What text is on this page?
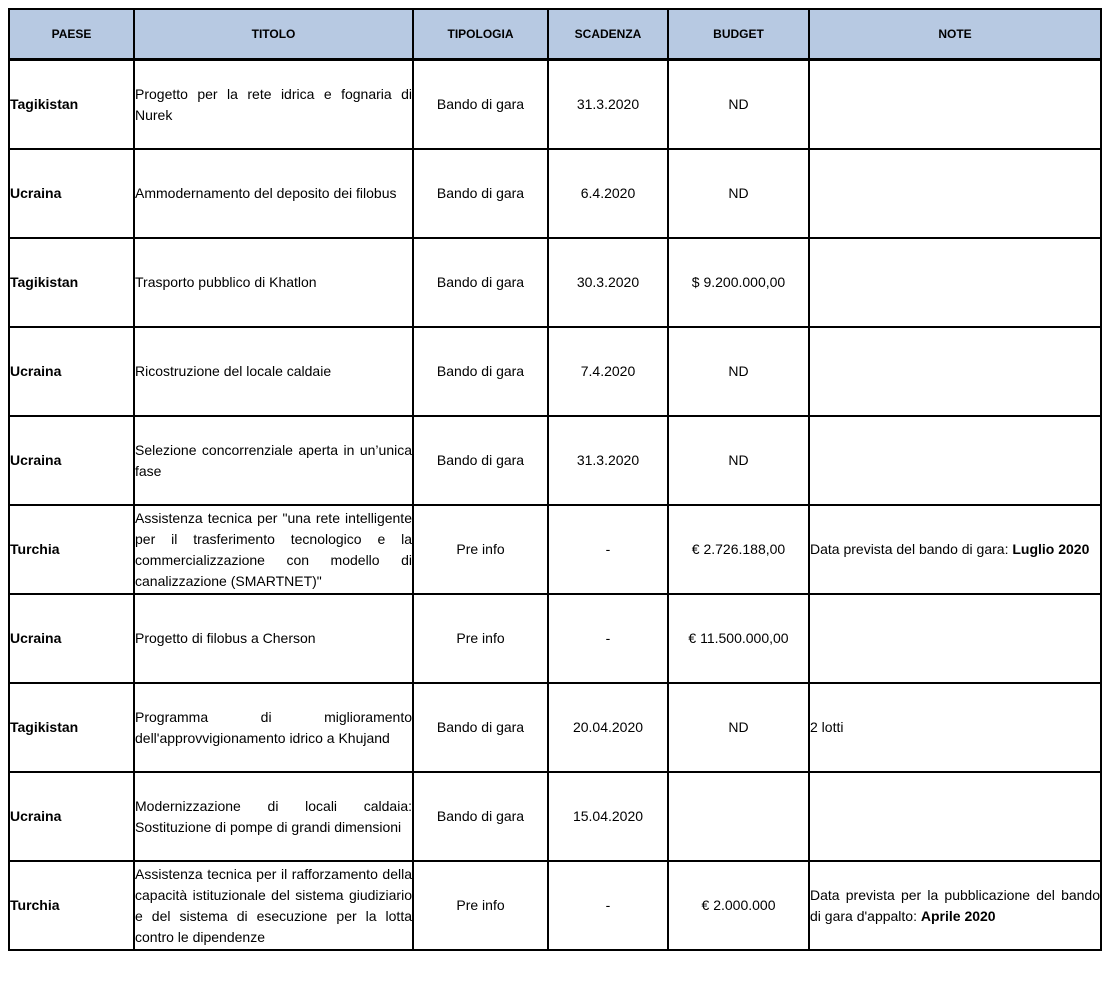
PAESE	TITOLO	TIPOLOGIA	SCADENZA	BUDGET	NOTE
Tagikistan	Progetto per la rete idrica e fognaria di Nurek	Bando di gara	31.3.2020	ND	
Ucraina	Ammodernamento del deposito dei filobus	Bando di gara	6.4.2020	ND	
Tagikistan	Trasporto pubblico di Khatlon	Bando di gara	30.3.2020	$ 9.200.000,00	
Ucraina	Ricostruzione del locale caldaie	Bando di gara	7.4.2020	ND	
Ucraina	Selezione concorrenziale aperta in un’unica fase	Bando di gara	31.3.2020	ND	
Turchia	Assistenza tecnica per "una rete intelligente per il trasferimento tecnologico e la commercializzazione con modello di canalizzazione (SMARTNET)"	Pre info	-	€ 2.726.188,00	Data prevista del bando di gara: Luglio 2020
Ucraina	Progetto di filobus a Cherson	Pre info	-	€ 11.500.000,00	
Tagikistan	Programma di miglioramento dell'approvvigionamento idrico a Khujand	Bando di gara	20.04.2020	ND	2 lotti
Ucraina	Modernizzazione di locali caldaia: Sostituzione di pompe di grandi dimensioni	Bando di gara	15.04.2020		
Turchia	Assistenza tecnica per il rafforzamento della capacità istituzionale del sistema giudiziario e del sistema di esecuzione per la lotta contro le dipendenze	Pre info	-	€ 2.000.000	Data prevista per la pubblicazione del bando di gara d'appalto: Aprile 2020
